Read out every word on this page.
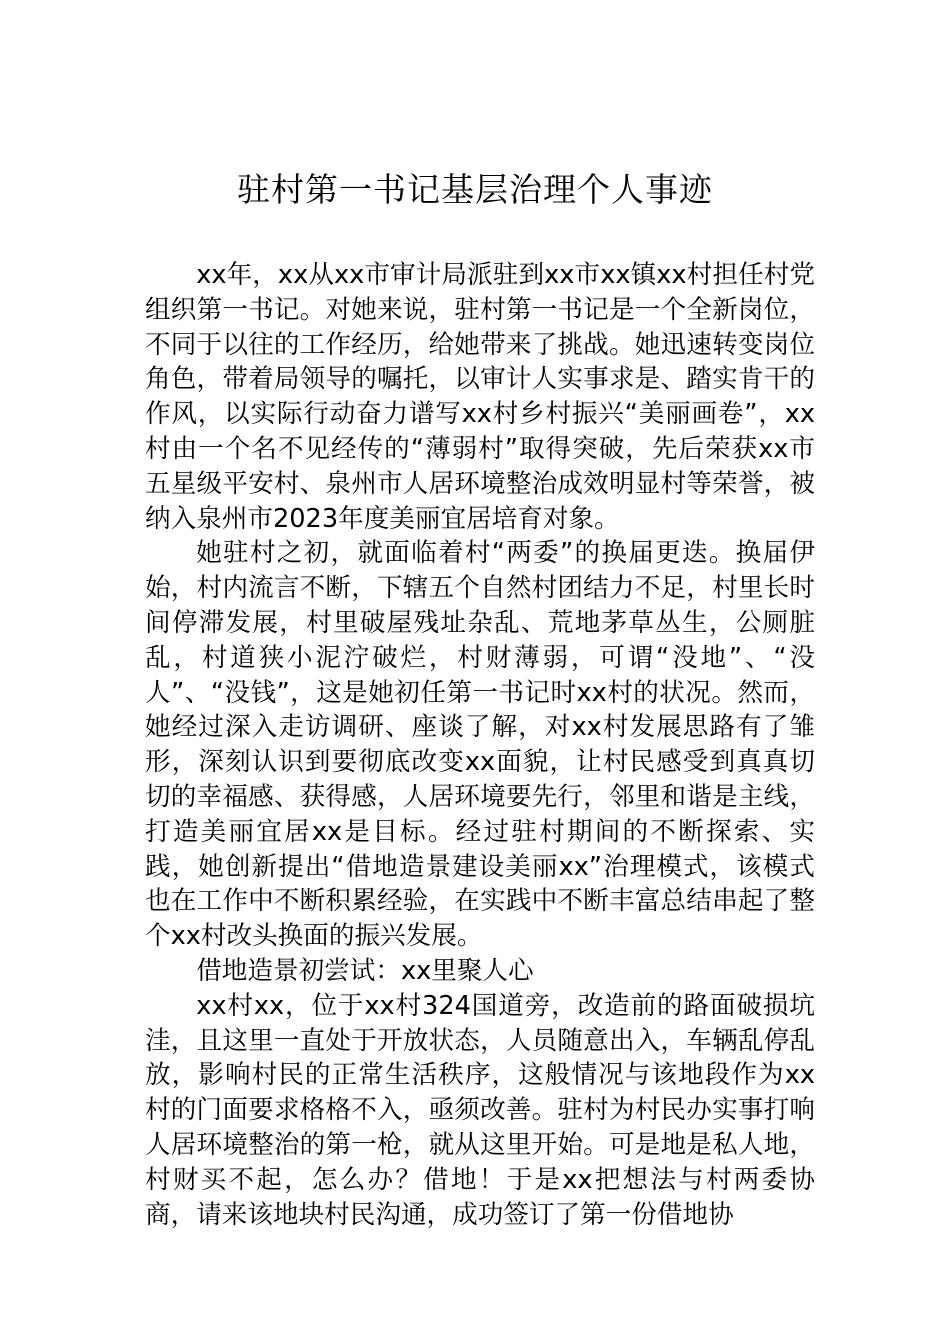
驻村第一书记基层治理个人事迹

xx年，xx从xx市审计局派驻到xx市xx镇xx村担任村党组织第一书记。对她来说，驻村第一书记是一个全新岗位，不同于以往的工作经历，给她带来了挑战。她迅速转变岗位角色，带着局领导的嘱托，以审计人实事求是、踏实肯干的作风，以实际行动奋力谱写xx村乡村振兴“美丽画卷”，xx村由一个名不见经传的“薄弱村”取得突破，先后荣获xx市五星级平安村、泉州市人居环境整治成效明显村等荣誉，被纳入泉州市2023年度美丽宜居培育对象。

她驻村之初，就面临着村“两委”的换届更迭。换届伊始，村内流言不断，下辖五个自然村团结力不足，村里长时间停滞发展，村里破屋残址杂乱、荒地茅草丛生，公厕脏乱，村道狭小泥泞破烂，村财薄弱，可谓“没地”、“没人”、“没钱”，这是她初任第一书记时xx村的状况。然而，她经过深入走访调研、座谈了解，对xx村发展思路有了雏形，深刻认识到要彻底改变xx面貌，让村民感受到真真切切的幸福感、获得感，人居环境要先行，邻里和谐是主线，打造美丽宜居xx是目标。经过驻村期间的不断探索、实践，她创新提出“借地造景建设美丽xx”治理模式，该模式也在工作中不断积累经验，在实践中不断丰富总结串起了整个xx村改头换面的振兴发展。

借地造景初尝试：xx里聚人心

xx村xx，位于xx村324国道旁，改造前的路面破损坑洼，且这里一直处于开放状态，人员随意出入，车辆乱停乱放，影响村民的正常生活秩序，这般情况与该地段作为xx村的门面要求格格不入，亟须改善。驻村为村民办实事打响人居环境整治的第一枪，就从这里开始。可是地是私人地，村财买不起，怎么办？借地！于是xx把想法与村两委协商，请来该地块村民沟通，成功签订了第一份借地协
